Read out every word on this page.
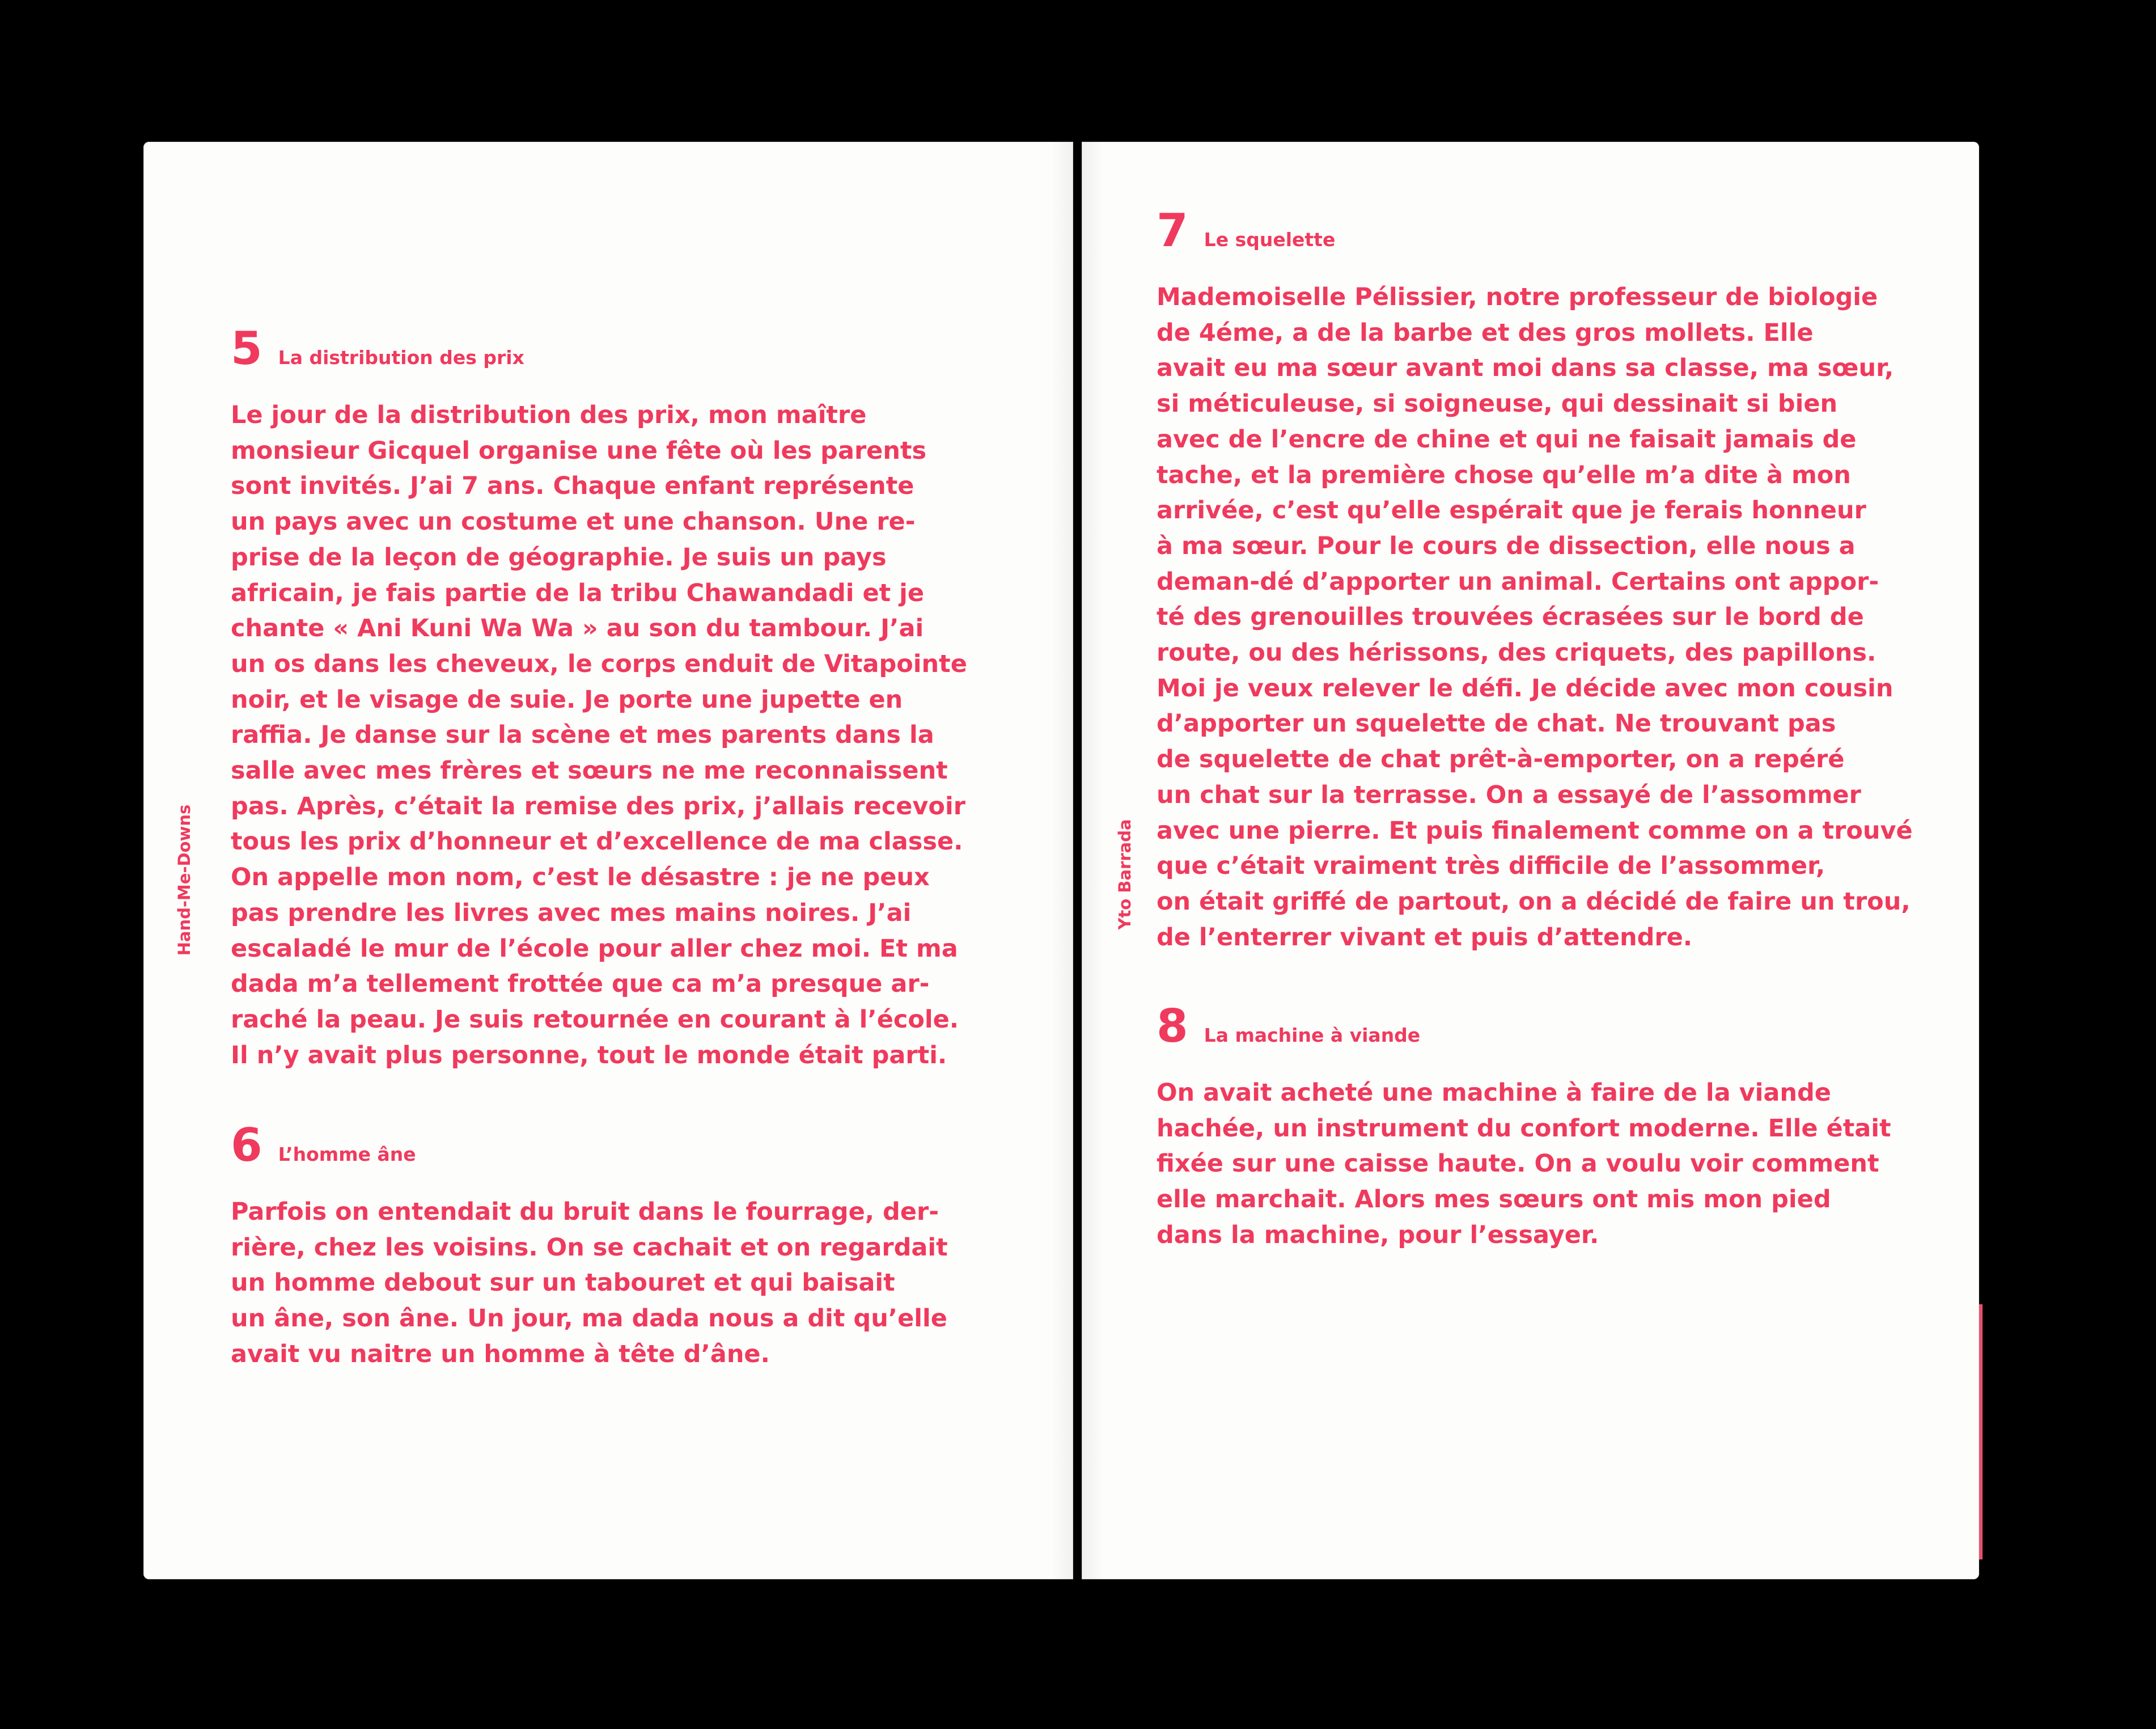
Hand-Me-Downs	Yto Barrada
5 La distribution des prix

Le jour de la distribution des prix, mon maître
monsieur Gicquel organise une fête où les parents
sont invités. J’ai 7 ans. Chaque enfant représente
un pays avec un costume et une chanson. Une re-
prise de la leçon de géographie. Je suis un pays
africain, je fais partie de la tribu Chawandadi et je
chante « Ani Kuni Wa Wa » au son du tambour. J’ai
un os dans les cheveux, le corps enduit de Vitapointe
noir, et le visage de suie. Je porte une jupette en
raffia. Je danse sur la scène et mes parents dans la
salle avec mes frères et sœurs ne me reconnaissent
pas. Après, c’était la remise des prix, j’allais recevoir
tous les prix d’honneur et d’excellence de ma classe.
On appelle mon nom, c’est le désastre : je ne peux
pas prendre les livres avec mes mains noires. J’ai
escaladé le mur de l’école pour aller chez moi. Et ma
dada m’a tellement frottée que ca m’a presque ar-
raché la peau. Je suis retournée en courant à l’école.
Il n’y avait plus personne, tout le monde était parti.

6 L’homme âne

Parfois on entendait du bruit dans le fourrage, der-
rière, chez les voisins. On se cachait et on regardait
un homme debout sur un tabouret et qui baisait
un âne, son âne. Un jour, ma dada nous a dit qu’elle
avait vu naitre un homme à tête d’âne.

7 Le squelette

Mademoiselle Pélissier, notre professeur de biologie
de 4éme, a de la barbe et des gros mollets. Elle
avait eu ma sœur avant moi dans sa classe, ma sœur,
si méticuleuse, si soigneuse, qui dessinait si bien
avec de l’encre de chine et qui ne faisait jamais de
tache, et la première chose qu’elle m’a dite à mon
arrivée, c’est qu’elle espérait que je ferais honneur
à ma sœur. Pour le cours de dissection, elle nous a
deman-dé d’apporter un animal. Certains ont appor-
té des grenouilles trouvées écrasées sur le bord de
route, ou des hérissons, des criquets, des papillons.
Moi je veux relever le défi. Je décide avec mon cousin
d’apporter un squelette de chat. Ne trouvant pas
de squelette de chat prêt-à-emporter, on a repéré
un chat sur la terrasse. On a essayé de l’assommer
avec une pierre. Et puis finalement comme on a trouvé
que c’était vraiment très difficile de l’assommer,
on était griffé de partout, on a décidé de faire un trou,
de l’enterrer vivant et puis d’attendre.

8 La machine à viande

On avait acheté une machine à faire de la viande
hachée, un instrument du confort moderne. Elle était
fixée sur une caisse haute. On a voulu voir comment
elle marchait. Alors mes sœurs ont mis mon pied
dans la machine, pour l’essayer.
